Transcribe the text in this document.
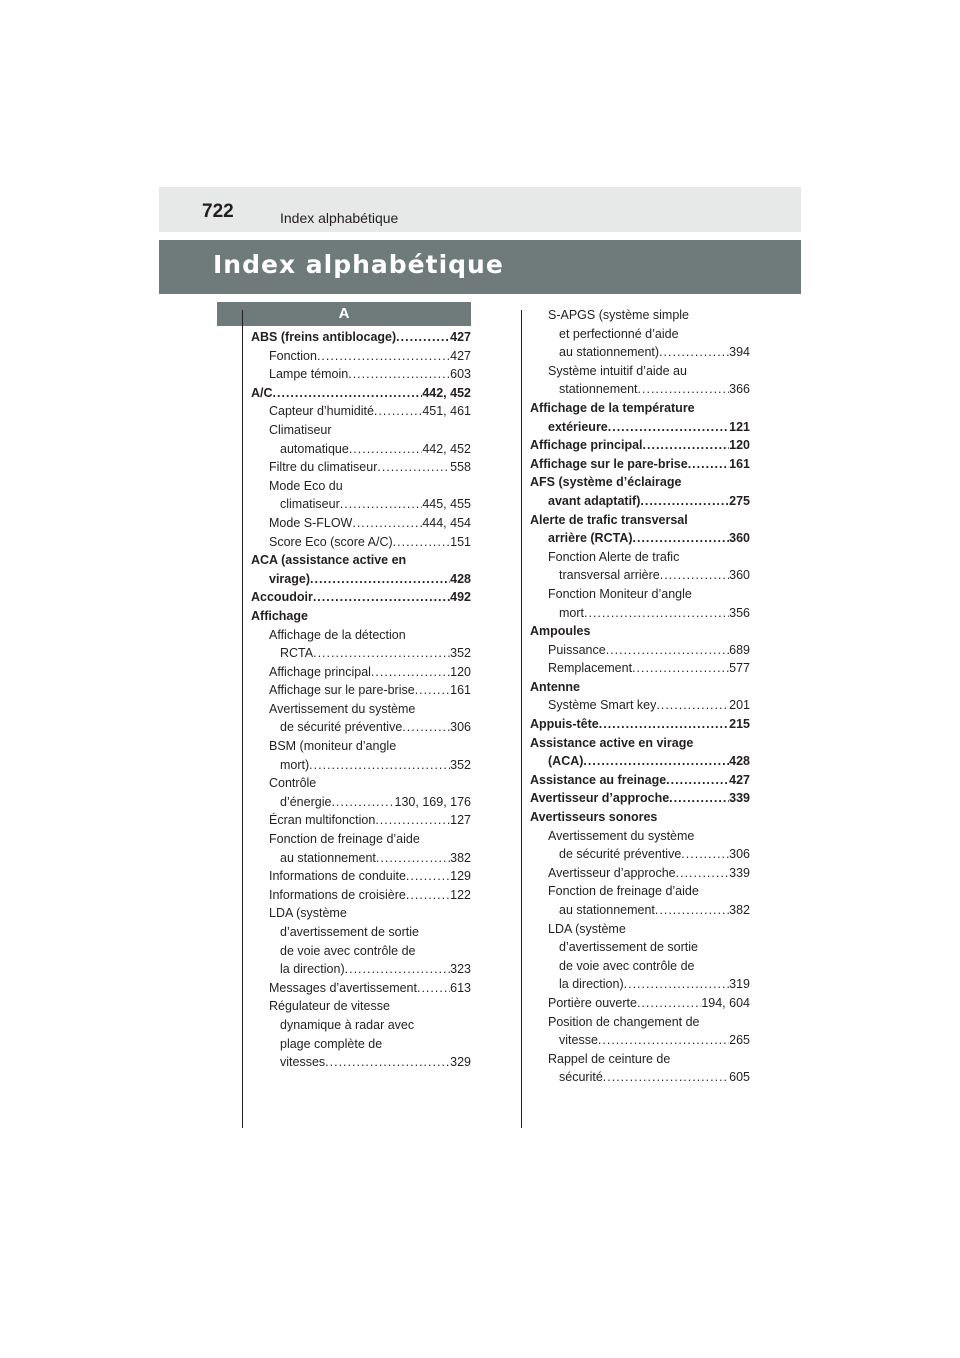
722	Index alphabétique
Index alphabétique
A
ABS (freins antiblocage) .....	427
Fonction .....	427
Lampe témoin .....	603
A/C .....	442, 452
Capteur d’humidité .....	451, 461
Climatiseur
automatique .....	442, 452
Filtre du climatiseur .....	558
Mode Eco du
climatiseur .....	445, 455
Mode S-FLOW .....	444, 454
Score Eco (score A/C) .....	151
ACA (assistance active en
virage) .....	428
Accoudoir .....	492
Affichage
Affichage de la détection
RCTA .....	352
Affichage principal .....	120
Affichage sur le pare-brise .....	161
Avertissement du système
de sécurité préventive .....	306
BSM (moniteur d’angle
mort) .....	352
Contrôle
d’énergie .....	130, 169, 176
Écran multifonction .....	127
Fonction de freinage d’aide
au stationnement .....	382
Informations de conduite .....	129
Informations de croisière .....	122
LDA (système
d’avertissement de sortie
de voie avec contrôle de
la direction) .....	323
Messages d’avertissement .....	613
Régulateur de vitesse
dynamique à radar avec
plage complète de
vitesses .....	329
S-APGS (système simple
et perfectionné d’aide
au stationnement) .....	394
Système intuitif d’aide au
stationnement .....	366
Affichage de la température
extérieure .....	121
Affichage principal .....	120
Affichage sur le pare-brise .....	161
AFS (système d’éclairage
avant adaptatif) .....	275
Alerte de trafic transversal
arrière (RCTA) .....	360
Fonction Alerte de trafic
transversal arrière .....	360
Fonction Moniteur d’angle
mort .....	356
Ampoules
Puissance .....	689
Remplacement .....	577
Antenne
Système Smart key .....	201
Appuis-tête .....	215
Assistance active en virage
(ACA) .....	428
Assistance au freinage .....	427
Avertisseur d’approche .....	339
Avertisseurs sonores
Avertissement du système
de sécurité préventive .....	306
Avertisseur d’approche .....	339
Fonction de freinage d’aide
au stationnement .....	382
LDA (système
d’avertissement de sortie
de voie avec contrôle de
la direction) .....	319
Portière ouverte .....	194, 604
Position de changement de
vitesse .....	265
Rappel de ceinture de
sécurité .....	605
